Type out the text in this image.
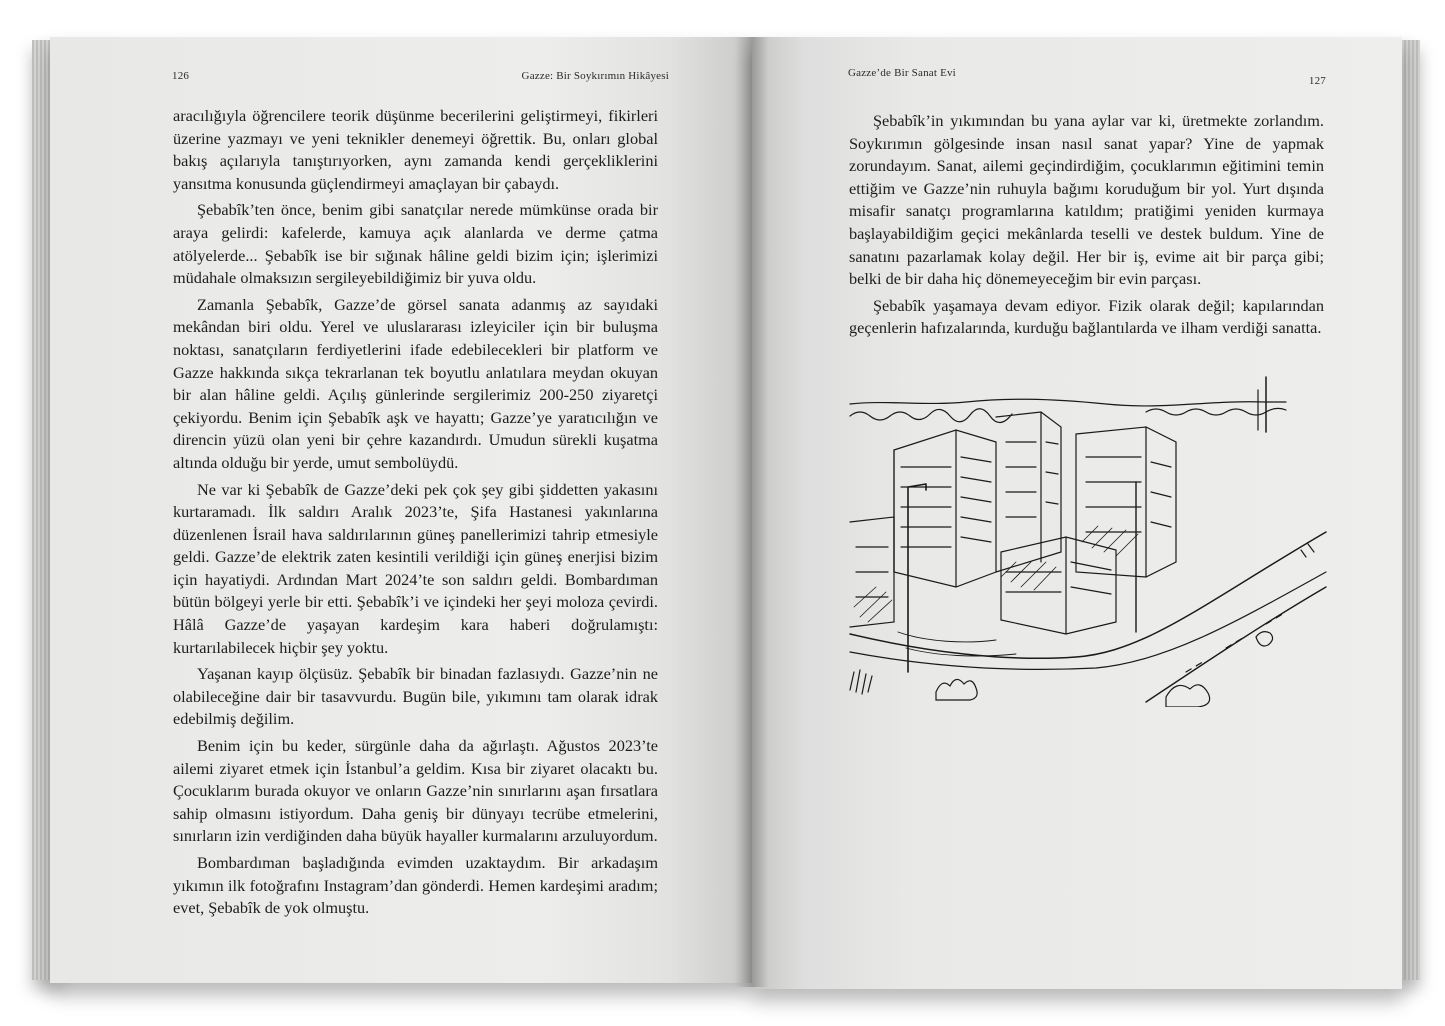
126	Gazze: Bir Soykırımın Hikâyesi

aracılığıyla öğrencilere teorik düşünme becerilerini geliştirmeyi, fikirleri üzerine yazmayı ve yeni teknikler denemeyi öğrettik. Bu, onları global bakış açılarıyla tanıştırıyorken, aynı zamanda kendi gerçekliklerini yansıtma konusunda güçlendirmeyi amaçlayan bir çabaydı.

Şebabîk’ten önce, benim gibi sanatçılar nerede mümkünse orada bir araya gelirdi: kafelerde, kamuya açık alanlarda ve derme çatma atölyelerde... Şebabîk ise bir sığınak hâline geldi bizim için; işlerimizi müdahale olmaksızın sergileyebildiğimiz bir yuva oldu.

Zamanla Şebabîk, Gazze’de görsel sanata adanmış az sayıdaki mekândan biri oldu. Yerel ve uluslararası izleyiciler için bir buluşma noktası, sanatçıların ferdiyetlerini ifade edebilecekleri bir platform ve Gazze hakkında sıkça tekrarlanan tek boyutlu anlatılara meydan okuyan bir alan hâline geldi. Açılış günlerinde sergilerimiz 200-250 ziyaretçi çekiyordu. Benim için Şebabîk aşk ve hayattı; Gazze’ye yaratıcılığın ve direncin yüzü olan yeni bir çehre kazandırdı. Umudun sürekli kuşatma altında olduğu bir yerde, umut sembolüydü.

Ne var ki Şebabîk de Gazze’deki pek çok şey gibi şiddetten yakasını kurtaramadı. İlk saldırı Aralık 2023’te, Şifa Hastanesi yakınlarına düzenlenen İsrail hava saldırılarının güneş panellerimizi tahrip etmesiyle geldi. Gazze’de elektrik zaten kesintili verildiği için güneş enerjisi bizim için hayatiydi. Ardından Mart 2024’te son saldırı geldi. Bombardıman bütün bölgeyi yerle bir etti. Şebabîk’i ve içindeki her şeyi moloza çevirdi. Hâlâ Gazze’de yaşayan kardeşim kara haberi doğrulamıştı: kurtarılabilecek hiçbir şey yoktu.

Yaşanan kayıp ölçüsüz. Şebabîk bir binadan fazlasıydı. Gazze’nin ne olabileceğine dair bir tasavvurdu. Bugün bile, yıkımını tam olarak idrak edebilmiş değilim.

Benim için bu keder, sürgünle daha da ağırlaştı. Ağustos 2023’te ailemi ziyaret etmek için İstanbul’a geldim. Kısa bir ziyaret olacaktı bu. Çocuklarım burada okuyor ve onların Gazze’nin sınırlarını aşan fırsatlara sahip olmasını istiyordum. Daha geniş bir dünyayı tecrübe etmelerini, sınırların izin verdiğinden daha büyük hayaller kurmalarını arzuluyordum.

Bombardıman başladığında evimden uzaktaydım. Bir arkadaşım yıkımın ilk fotoğrafını Instagram’dan gönderdi. Hemen kardeşimi aradım; evet, Şebabîk de yok olmuştu.

Gazze’de Bir Sanat Evi
127

Şebabîk’in yıkımından bu yana aylar var ki, üretmekte zorlandım. Soykırımın gölgesinde insan nasıl sanat yapar? Yine de yapmak zorundayım. Sanat, ailemi geçindirdiğim, çocuklarımın eğitimini temin ettiğim ve Gazze’nin ruhuyla bağımı koruduğum bir yol. Yurt dışında misafir sanatçı programlarına katıldım; pratiğimi yeniden kurmaya başlayabildiğim geçici mekânlarda teselli ve destek buldum. Yine de sanatını pazarlamak kolay değil. Her bir iş, evime ait bir parça gibi; belki de bir daha hiç dönemeyeceğim bir evin parçası.

Şebabîk yaşamaya devam ediyor. Fizik olarak değil; kapılarından geçenlerin hafızalarında, kurduğu bağlantılarda ve ilham verdiği sanatta.
